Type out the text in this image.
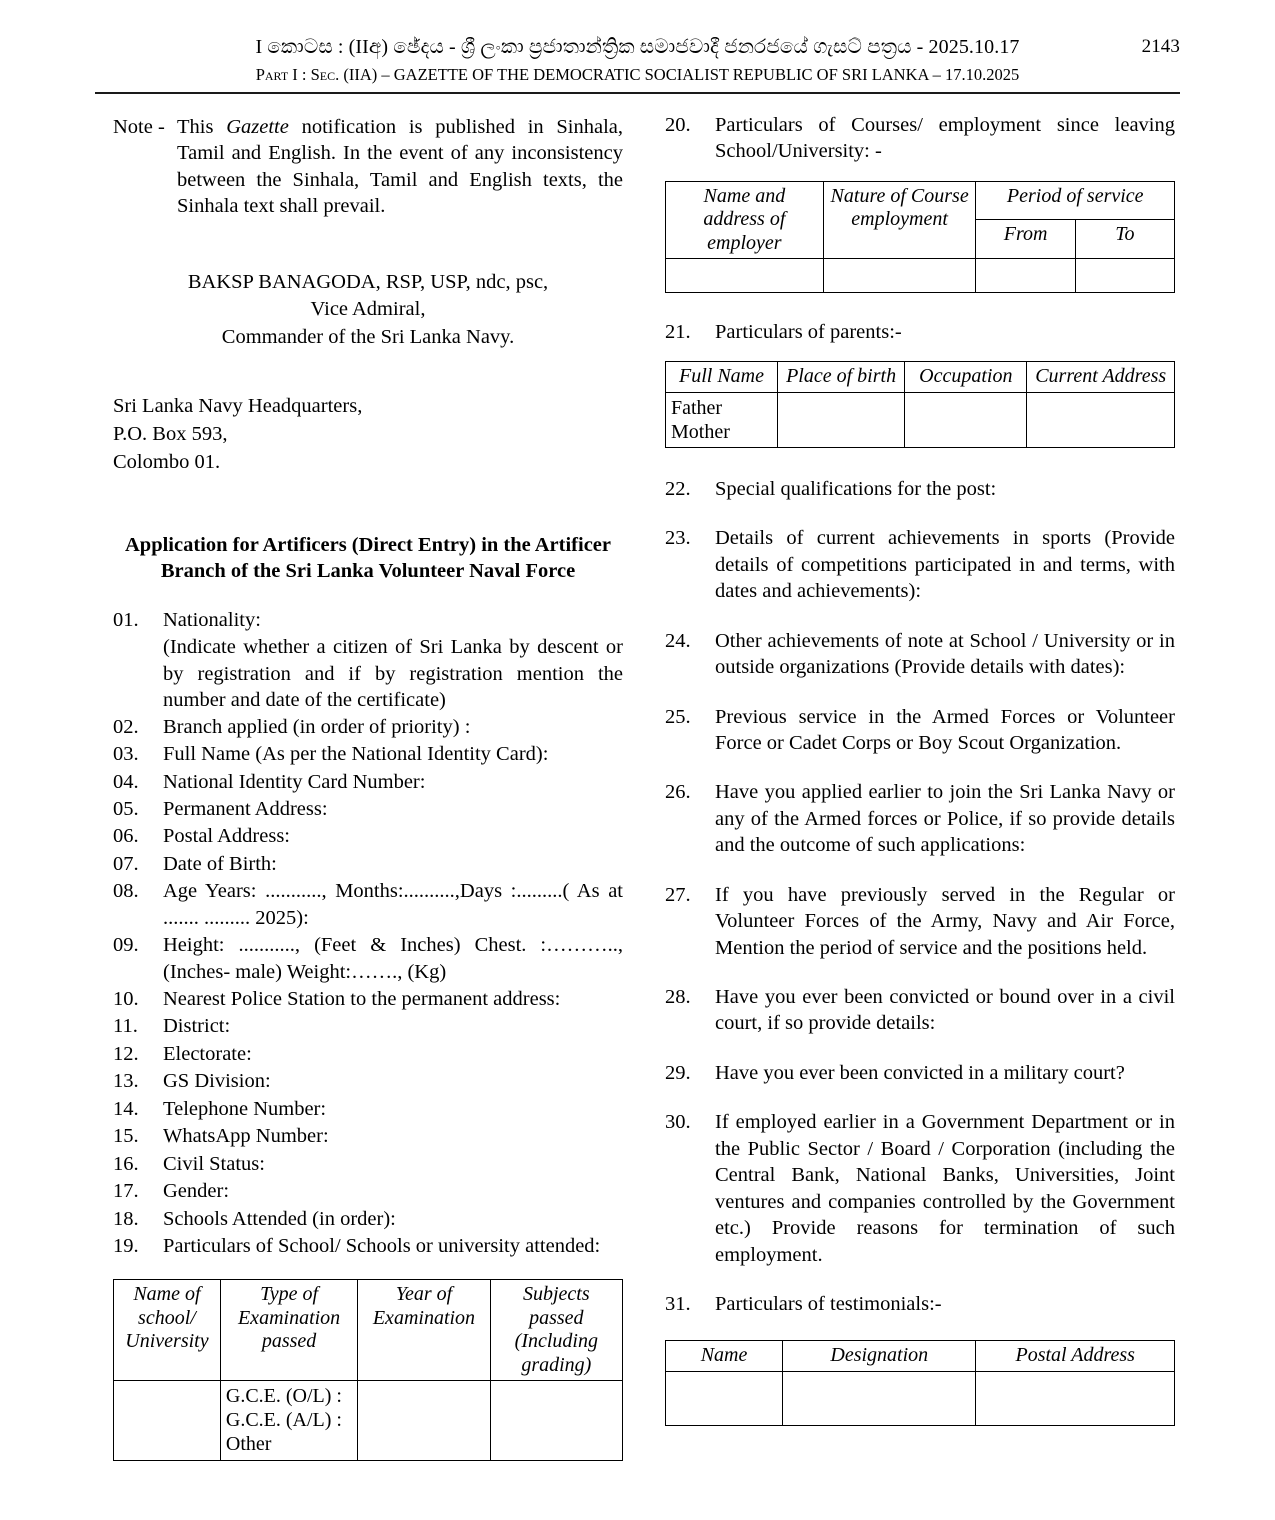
I කොටස : (IIඅ) ඡේදය - ශ්‍රී ලංකා ප්‍රජාතාන්ත්‍රික සමාජවාදී ජනරජයේ ගැසට් පත්‍රය - 2025.10.17	2143
Part I : Sec. (IIA) – GAZETTE OF THE DEMOCRATIC SOCIALIST REPUBLIC OF SRI LANKA – 17.10.2025
Note - This Gazette notification is published in Sinhala, Tamil and English. In the event of any inconsistency between the Sinhala, Tamil and English texts, the Sinhala text shall prevail.
BAKSP BANAGODA, RSP, USP, ndc, psc,
Vice Admiral,
Commander of the Sri Lanka Navy.
Sri Lanka Navy Headquarters,
P.O. Box 593,
Colombo 01.
Application for Artificers (Direct Entry) in the Artificer
Branch of the Sri Lanka Volunteer Naval Force
01.	Nationality:
(Indicate whether a citizen of Sri Lanka by descent or by registration and if by registration mention the number and date of the certificate)
02.	Branch applied (in order of priority) :
03.	Full Name (As per the National Identity Card):
04.	National Identity Card Number:
05.	Permanent Address:
06.	Postal Address:
07.	Date of Birth:
08.	Age Years: ..........., Months:..........,Days :.........( As at ....... ......... 2025):
09.	Height: ..........., (Feet & Inches) Chest. :……….., (Inches- male) Weight:……., (Kg)
10.	Nearest Police Station to the permanent address:
11.	District:
12.	Electorate:
13.	GS Division:
14.	Telephone Number:
15.	WhatsApp Number:
16.	Civil Status:
17.	Gender:
18.	Schools Attended (in order):
19.	Particulars of School/ Schools or university attended:
Name of school/ University	Type of Examination passed	Year of Examination	Subjects passed (Including grading)

	G.C.E. (O/L) :
G.C.E. (A/L) :
Other		

20.	Particulars of Courses/ employment since leaving School/University: -
Name and address of employer	Nature of Course employment	Period of service	
		From	To

21.	Particulars of parents:-
Full Name	Place of birth	Occupation	Current Address

Father
Mother			

22.	Special qualifications for the post:
23.	Details of current achievements in sports (Provide details of competitions participated in and terms, with dates and achievements):
24.	Other achievements of note at School / University or in outside organizations (Provide details with dates):
25.	Previous service in the Armed Forces or Volunteer Force or Cadet Corps or Boy Scout Organization.
26.	Have you applied earlier to join the Sri Lanka Navy or any of the Armed forces or Police, if so provide details and the outcome of such applications:
27.	If you have previously served in the Regular or Volunteer Forces of the Army, Navy and Air Force, Mention the period of service and the positions held.
28.	Have you ever been convicted or bound over in a civil court, if so provide details:
29.	Have you ever been convicted in a military court?
30.	If employed earlier in a Government Department or in the Public Sector / Board / Corporation (including the Central Bank, National Banks, Universities, Joint ventures and companies controlled by the Government etc.) Provide reasons for termination of such employment.
31.	Particulars of testimonials:-
Name	Designation	Postal Address
